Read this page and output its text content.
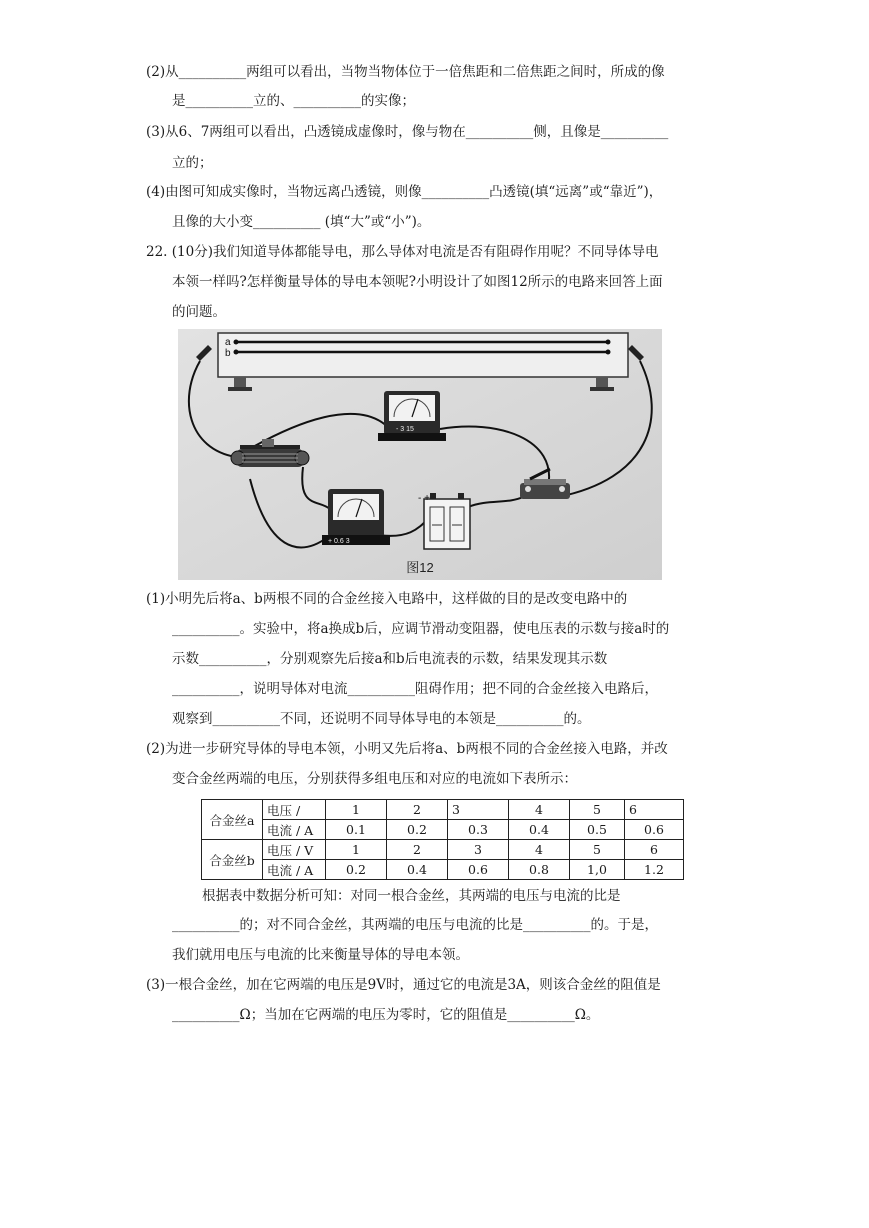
(2)从__________两组可以看出，当物当物体位于一倍焦距和二倍焦距之间时，所成的像
是__________立的、__________的实像；
(3)从6、7两组可以看出，凸透镜成虚像时，像与物在__________侧，且像是__________
立的；
(4)由图可知成实像时，当物远离凸透镜，则像__________凸透镜(填“远离”或“靠近”)，
且像的大小变__________ (填“大”或“小”)。
22. (10分)我们知道导体都能导电，那么导体对电流是否有阻碍作用呢？不同导体导电
本领一样吗?怎样衡量导体的导电本领呢?小明设计了如图12所示的电路来回答上面
的问题。
a
b
- 3 15
+ 0.6 3
- +
图12
(1)小明先后将a、b两根不同的合金丝接入电路中，这样做的目的是改变电路中的
__________。实验中，将a换成b后，应调节滑动变阻器，使电压表的示数与接a时的
示数__________，分别观察先后接a和b后电流表的示数，结果发现其示数
__________，说明导体对电流__________阻碍作用；把不同的合金丝接入电路后，
观察到__________不同，还说明不同导体导电的本领是__________的。
(2)为进一步研究导体的导电本领，小明又先后将a、b两根不同的合金丝接入电路，并改
变合金丝两端的电压，分别获得多组电压和对应的电流如下表所示：
合金丝a	电压 /	1	2	3	4	5	6
	电流 / A	0.1	0.2	0.3	0.4	0.5	0.6
合金丝b	电压 / V	1	2	3	4	5	6
	电流 / A	0.2	0.4	0.6	0.8	1,0	1.2
根据表中数据分析可知：对同一根合金丝，其两端的电压与电流的比是
__________的；对不同合金丝，其两端的电压与电流的比是__________的。于是，
我们就用电压与电流的比来衡量导体的导电本领。
(3)一根合金丝，加在它两端的电压是9V时，通过它的电流是3A，则该合金丝的阻值是
__________Ω；当加在它两端的电压为零时，它的阻值是__________Ω。
